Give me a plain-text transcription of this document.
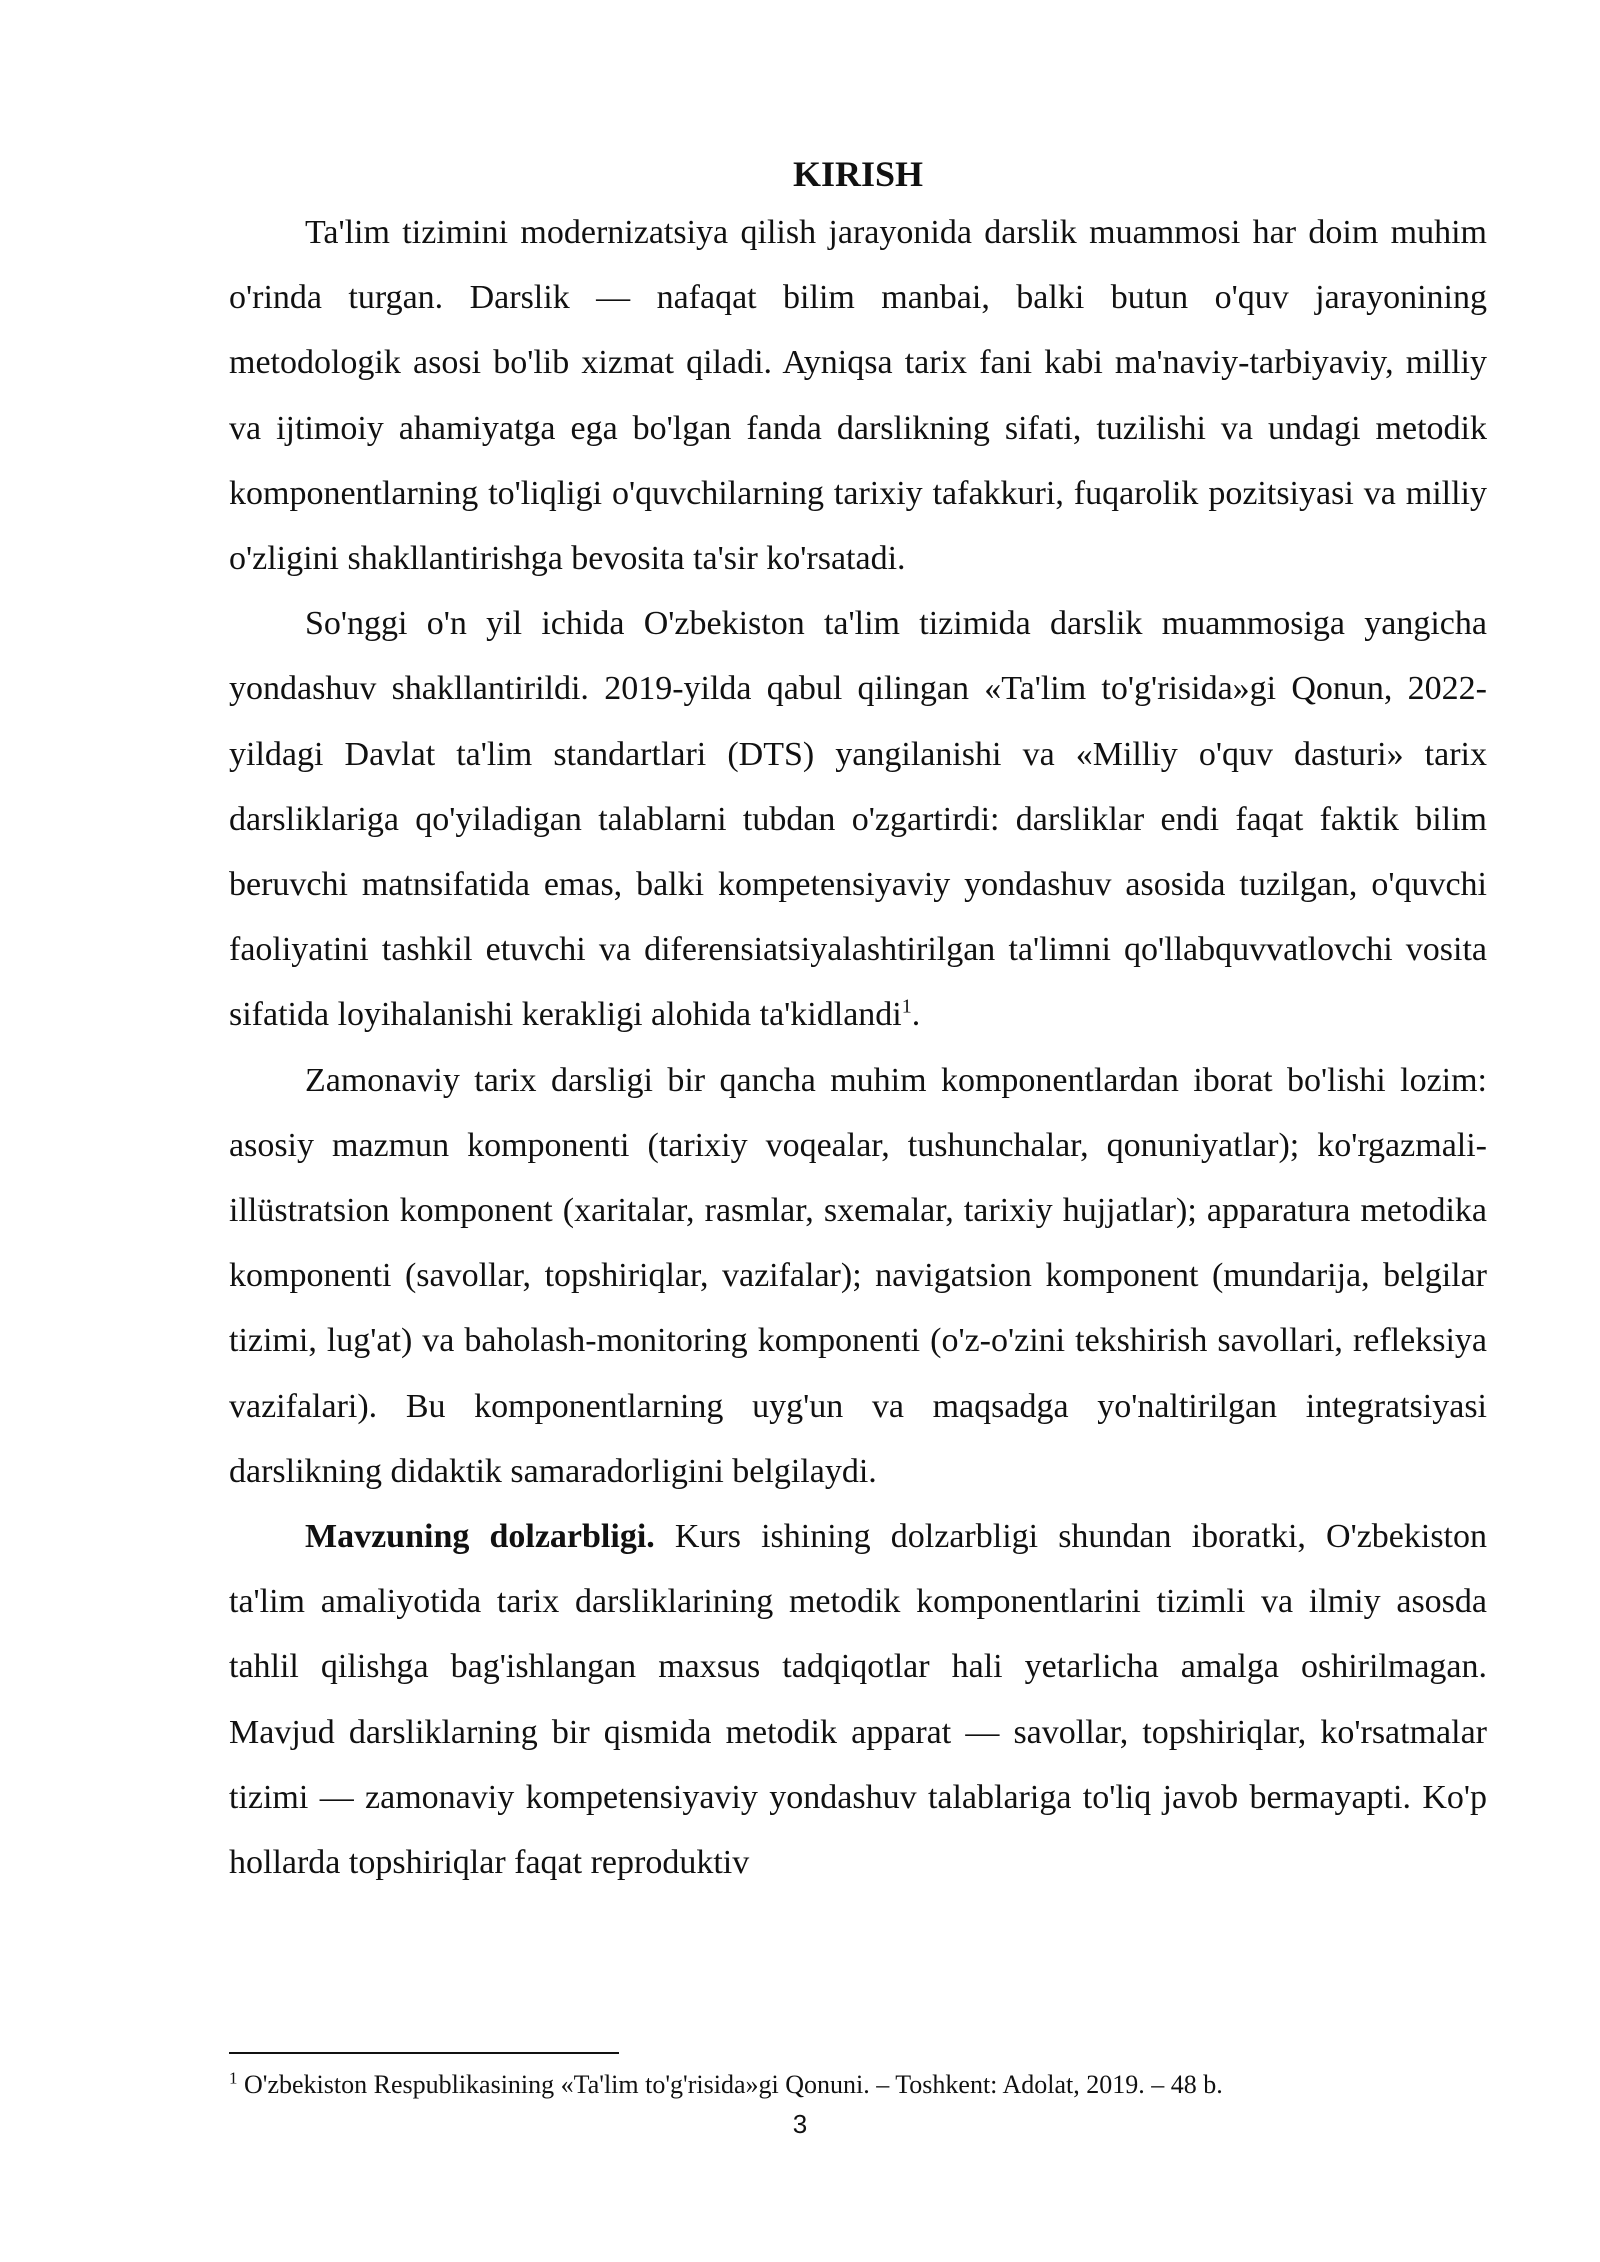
KIRISH

Ta'lim tizimini modernizatsiya qilish jarayonida darslik muammosi har doim muhim o'rinda turgan. Darslik — nafaqat bilim manbai, balki butun o'quv jarayonining metodologik asosi bo'lib xizmat qiladi. Ayniqsa tarix fani kabi ma'naviy-tarbiyaviy, milliy va ijtimoiy ahamiyatga ega bo'lgan fanda darslikning sifati, tuzilishi va undagi metodik komponentlarning to'liqligi o'quvchilarning tarixiy tafakkuri, fuqarolik pozitsiyasi va milliy o'zligini shakllantirishga bevosita ta'sir ko'rsatadi.

So'nggi o'n yil ichida O'zbekiston ta'lim tizimida darslik muammosiga yangicha yondashuv shakllantirildi. 2019-yilda qabul qilingan «Ta'lim to'g'risida»gi Qonun, 2022-yildagi Davlat ta'lim standartlari (DTS) yangilanishi va «Milliy o'quv dasturi» tarix darsliklariga qo'yiladigan talablarni tubdan o'zgartirdi: darsliklar endi faqat faktik bilim beruvchi matnsifatida emas, balki kompetensiyaviy yondashuv asosida tuzilgan, o'quvchi faoliyatini tashkil etuvchi va diferensiatsiyalashtirilgan ta'limni qo'llabquvvatlovchi vosita sifatida loyihalanishi kerakligi alohida ta'kidlandi$^1$.

Zamonaviy tarix darsligi bir qancha muhim komponentlardan iborat bo'lishi lozim: asosiy mazmun komponenti (tarixiy voqealar, tushunchalar, qonuniyatlar); ko'rgazmali-illüstratsion komponent (xaritalar, rasmlar, sxemalar, tarixiy hujjatlar); apparatura metodika komponenti (savollar, topshiriqlar, vazifalar); navigatsion komponent (mundarija, belgilar tizimi, lug'at) va baholash-monitoring komponenti (o'z-o'zini tekshirish savollari, refleksiya vazifalari). Bu komponentlarning uyg'un va maqsadga yo'naltirilgan integratsiyasi darslikning didaktik samaradorligini belgilaydi.

Mavzuning dolzarbligi. Kurs ishining dolzarbligi shundan iboratki, O'zbekiston ta'lim amaliyotida tarix darsliklarining metodik komponentlarini tizimli va ilmiy asosda tahlil qilishga bag'ishlangan maxsus tadqiqotlar hali yetarlicha amalga oshirilmagan. Mavjud darsliklarning bir qismida metodik apparat — savollar, topshiriqlar, ko'rsatmalar tizimi — zamonaviy kompetensiyaviy yondashuv talablariga to'liq javob bermayapti. Ko'p hollarda topshiriqlar faqat reproduktiv

$^1$ O'zbekiston Respublikasining «Ta'lim to'g'risida»gi Qonuni. – Toshkent: Adolat, 2019. – 48 b.

3
